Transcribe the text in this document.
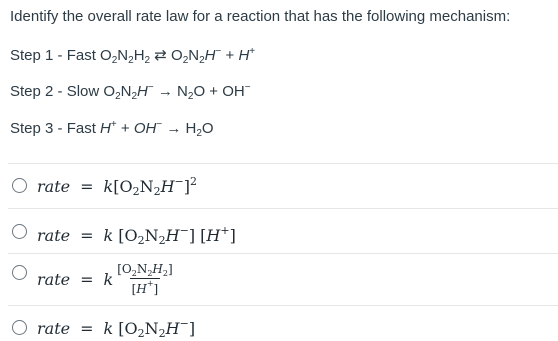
Identify the overall rate law for a reaction that has the following mechanism:
Step 1 - Fast $O_2N_2H_2$ ⇄ $O_2N_2H^- + H^+$
Step 2 - Slow $O_2N_2H^- \to N_2O + OH^-$
Step 3 - Fast $H^+ + OH^- \to H_2O$
rate = $k[O2N2H^-]^2$
rate = k [O2N2H−] [H+]
rate = k $\frac{[O_2N_2H_2]}{[H^+]}$
rate = k [O2N2H−]
